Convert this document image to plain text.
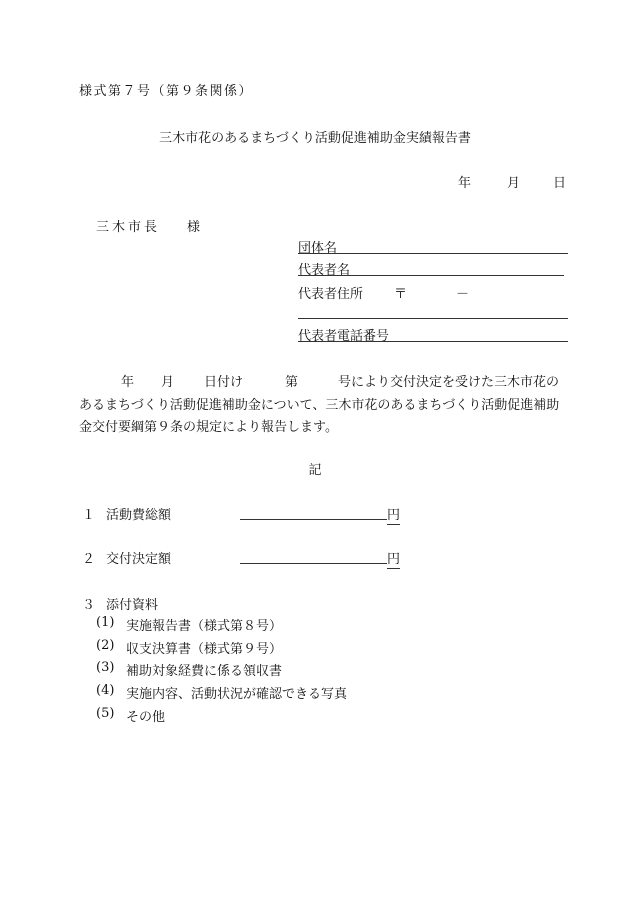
様式第７号（第９条関係）
三木市花のあるまちづくり活動促進補助金実績報告書
年	月	日
三木市長 様
団体名
代表者名
代表者住所 〒	－
代表者電話番号
年 月 日付け	第	号により交付決定を受けた三木市花の
あるまちづくり活動促進補助金について、三木市花のあるまちづくり活動促進補助
金交付要綱第９条の規定により報告します。
記
１ 活動費総額	円
２ 交付決定額	円
３ 添付資料
(1) 実施報告書（様式第８号）
(2) 収支決算書（様式第９号）
(3) 補助対象経費に係る領収書
(4) 実施内容、活動状況が確認できる写真
(5) その他
